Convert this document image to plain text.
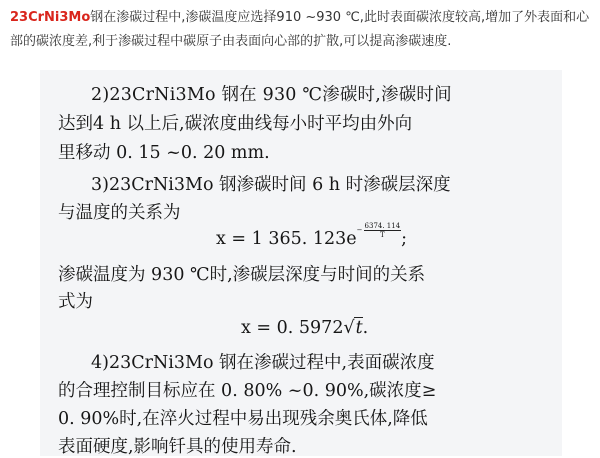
23CrNi3Mo钢在渗碳过程中,渗碳温度应选择910 ~930 ℃,此时表面碳浓度较高,增加了外表面和心部的碳浓度差,利于渗碳过程中碳原子由表面向心部的扩散,可以提高渗碳速度.
2)23CrNi3Mo 钢在 930 ℃渗碳时,渗碳时间
达到4 h 以上后,碳浓度曲线每小时平均由外向
里移动 0. 15 ~0. 20 mm.
3)23CrNi3Mo 钢渗碳时间 6 h 时渗碳层深度
与温度的关系为
x = 1 365. $123e - \frac{6374. 114}{T}$ ;
渗碳温度为 930 ℃时,渗碳层深度与时间的关系
式为
x = 0. 5972√t.
4)23CrNi3Mo 钢在渗碳过程中,表面碳浓度
的合理控制目标应在 0. 80% ~0. 90%,碳浓度≥
0. 90%时,在淬火过程中易出现残余奥氏体,降低
表面硬度,影响钎具的使用寿命.
